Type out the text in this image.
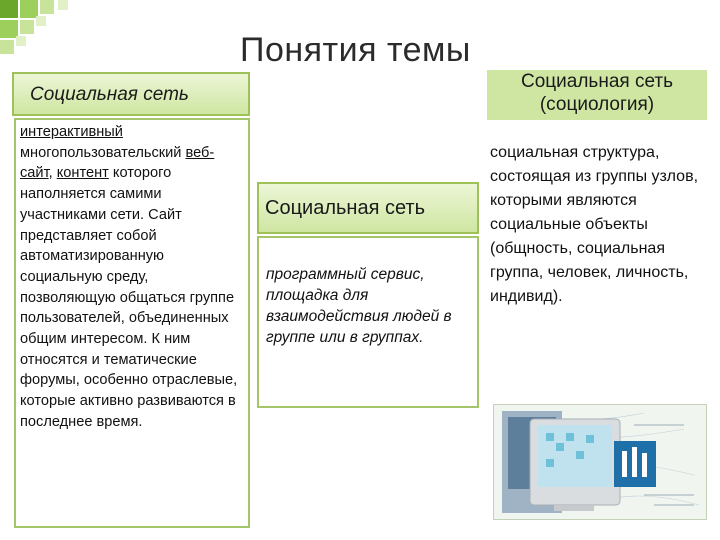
Понятия темы
Социальная сеть
интерактивный многопользовательский веб-сайт, контент которого наполняется самими участниками сети. Сайт представляет собой автоматизированную социальную среду, позволяющую общаться группе пользователей, объединенных общим интересом. К ним относятся и тематические форумы, особенно отраслевые, которые активно развиваются в последнее время.
Социальная сеть
программный сервис, площадка для взаимодействия людей в группе или в группах.
Социальная сеть (социология)
социальная структура, состоящая из группы узлов, которыми являются социальные объекты (общность, социальная группа, человек, личность, индивид).
